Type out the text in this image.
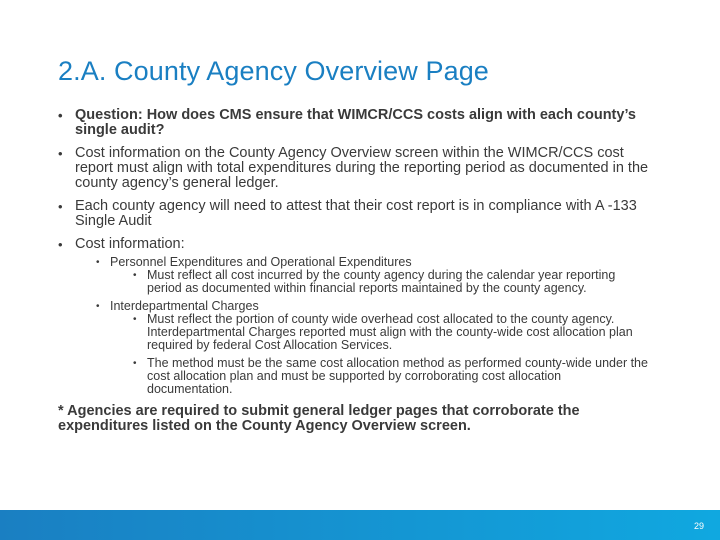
2.A. County Agency Overview Page
• Question: How does CMS ensure that WIMCR/CCS costs align with each county’s single audit?
• Cost information on the County Agency Overview screen within the WIMCR/CCS cost report must align with total expenditures during the reporting period as documented in the county agency’s general ledger.
• Each county agency will need to attest that their cost report is in compliance with A -133 Single Audit
• Cost information:
• Personnel Expenditures and Operational Expenditures
• Must reflect all cost incurred by the county agency during the calendar year reporting period as documented within financial reports maintained by the county agency.
• Interdepartmental Charges
• Must reflect the portion of county wide overhead cost allocated to the county agency. Interdepartmental Charges reported must align with the county-wide cost allocation plan required by federal Cost Allocation Services.
• The method must be the same cost allocation method as performed county-wide under the cost allocation plan and must be supported by corroborating cost allocation documentation.
* Agencies are required to submit general ledger pages that corroborate the expenditures listed on the County Agency Overview screen.
29
